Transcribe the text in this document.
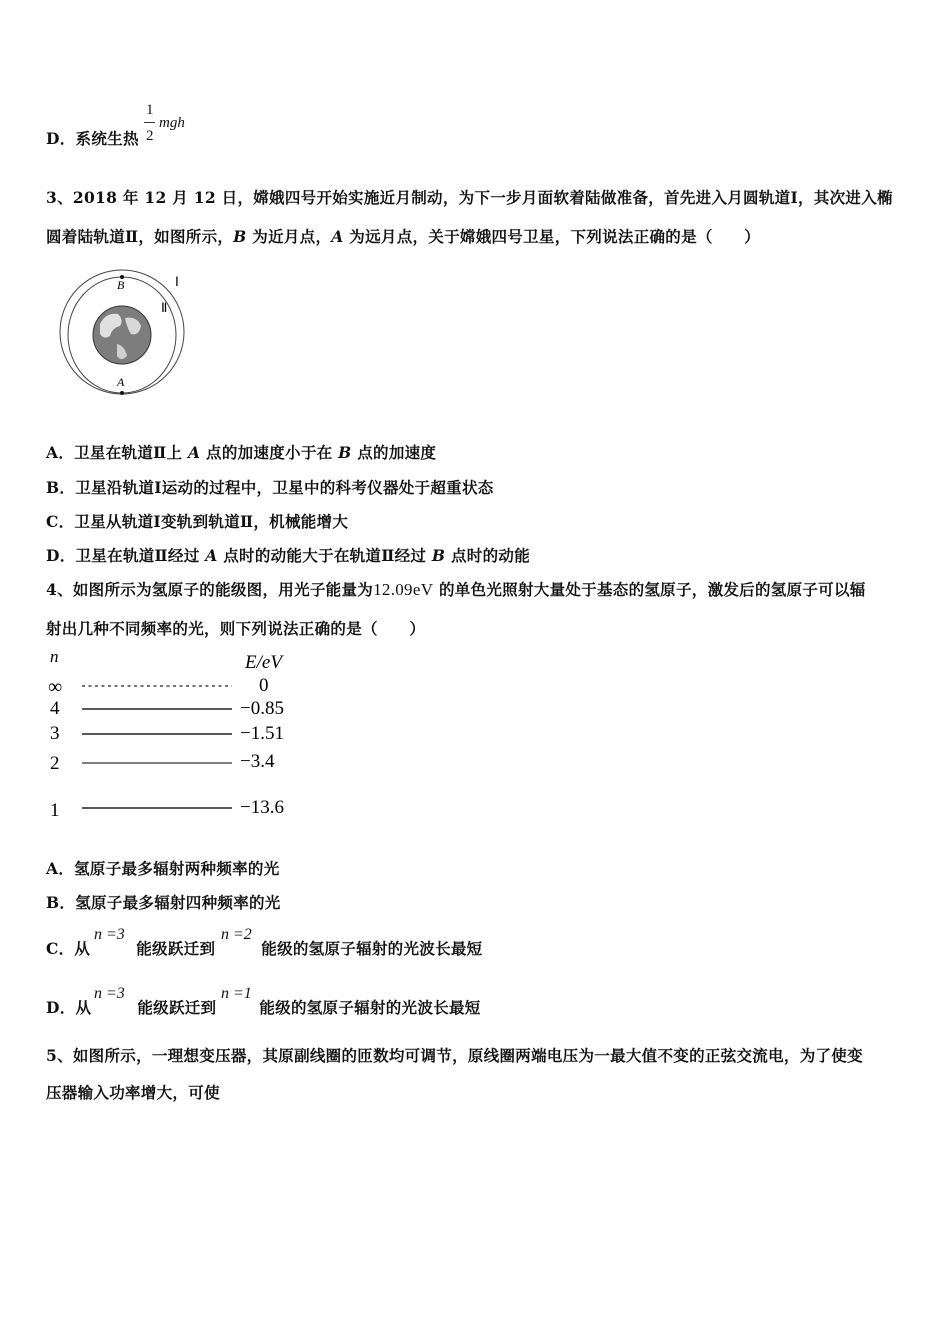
D．系统生热
1
2
mgh
3、2018 年 12 月 12 日，嫦娥四号开始实施近月制动，为下一步月面软着陆做准备，首先进入月圆轨道Ⅰ，其次进入椭
圆着陆轨道Ⅱ，如图所示，B 为近月点，A 为远月点，关于嫦娥四号卫星，下列说法正确的是（　　）
B
A
Ⅰ
Ⅱ
A．卫星在轨道Ⅱ上 A 点的加速度小于在 B 点的加速度
B．卫星沿轨道Ⅰ运动的过程中，卫星中的科考仪器处于超重状态
C．卫星从轨道Ⅰ变轨到轨道Ⅱ，机械能增大
D．卫星在轨道Ⅱ经过 A 点时的动能大于在轨道Ⅱ经过 B 点时的动能
4、如图所示为氢原子的能级图，用光子能量为12.09eV 的单色光照射大量处于基态的氢原子，激发后的氢原子可以辐
射出几种不同频率的光，则下列说法正确的是（　　）
n	E/eV
∞	0
4	−0.85
3	−1.51
2	−3.4
1	−13.6
A．氢原子最多辐射两种频率的光
B．氢原子最多辐射四种频率的光
C．从	能级跃迁到	能级的氢原子辐射的光波长最短
n =3	n =2
D．从	能级跃迁到	能级的氢原子辐射的光波长最短
n =3	n =1
5、如图所示，一理想变压器，其原副线圈的匝数均可调节，原线圈两端电压为一最大值不变的正弦交流电，为了使变
压器输入功率增大，可使
